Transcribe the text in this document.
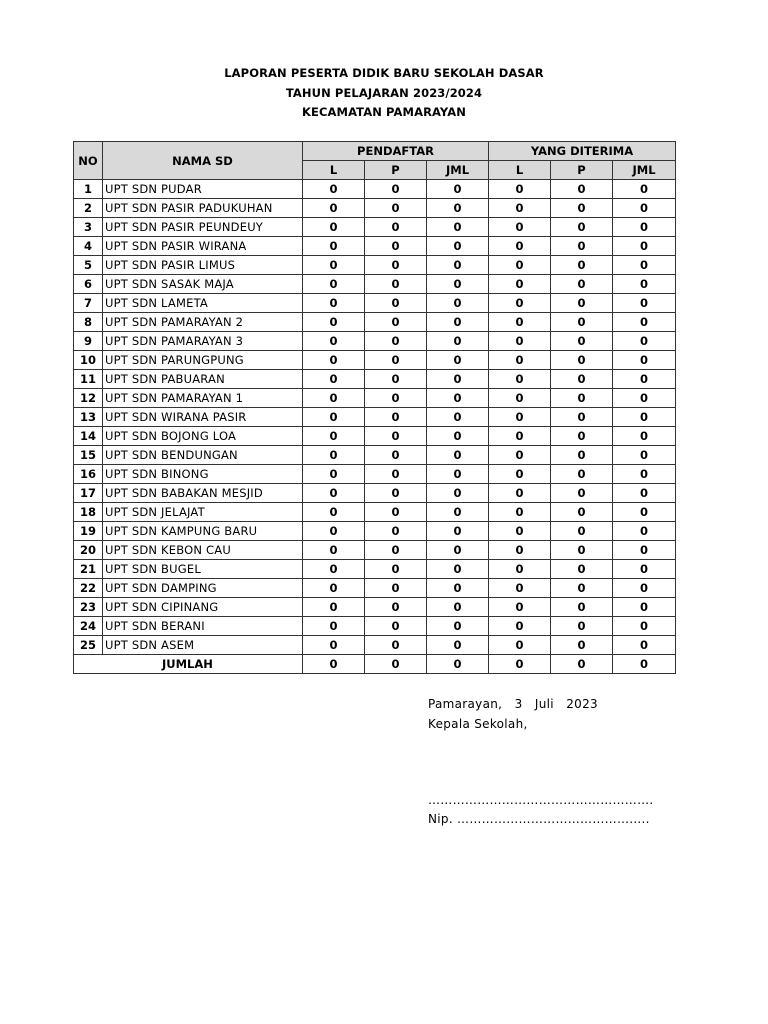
LAPORAN PESERTA DIDIK BARU SEKOLAH DASAR
TAHUN PELAJARAN 2023/2024
KECAMATAN PAMARAYAN
NO	NAMA SD	PENDAFTAR			YANG DITERIMA		
		L	P	JML	L	P	JML
1	UPT SDN PUDAR	0	0	0	0	0	0
2	UPT SDN PASIR PADUKUHAN	0	0	0	0	0	0
3	UPT SDN PASIR PEUNDEUY	0	0	0	0	0	0
4	UPT SDN PASIR WIRANA	0	0	0	0	0	0
5	UPT SDN PASIR LIMUS	0	0	0	0	0	0
6	UPT SDN SASAK MAJA	0	0	0	0	0	0
7	UPT SDN LAMETA	0	0	0	0	0	0
8	UPT SDN PAMARAYAN 2	0	0	0	0	0	0
9	UPT SDN PAMARAYAN 3	0	0	0	0	0	0
10	UPT SDN PARUNGPUNG	0	0	0	0	0	0
11	UPT SDN PABUARAN	0	0	0	0	0	0
12	UPT SDN PAMARAYAN 1	0	0	0	0	0	0
13	UPT SDN WIRANA PASIR	0	0	0	0	0	0
14	UPT SDN BOJONG LOA	0	0	0	0	0	0
15	UPT SDN BENDUNGAN	0	0	0	0	0	0
16	UPT SDN BINONG	0	0	0	0	0	0
17	UPT SDN BABAKAN MESJID	0	0	0	0	0	0
18	UPT SDN JELAJAT	0	0	0	0	0	0
19	UPT SDN KAMPUNG BARU	0	0	0	0	0	0
20	UPT SDN KEBON CAU	0	0	0	0	0	0
21	UPT SDN BUGEL	0	0	0	0	0	0
22	UPT SDN DAMPING	0	0	0	0	0	0
23	UPT SDN CIPINANG	0	0	0	0	0	0
24	UPT SDN BERANI	0	0	0	0	0	0
25	UPT SDN ASEM	0	0	0	0	0	0
JUMLAH		0	0	0	0	0	0
Pamarayan,   3   Juli   2023
Kepala Sekolah,
……………………………………………….
Nip. ………………………………………..
